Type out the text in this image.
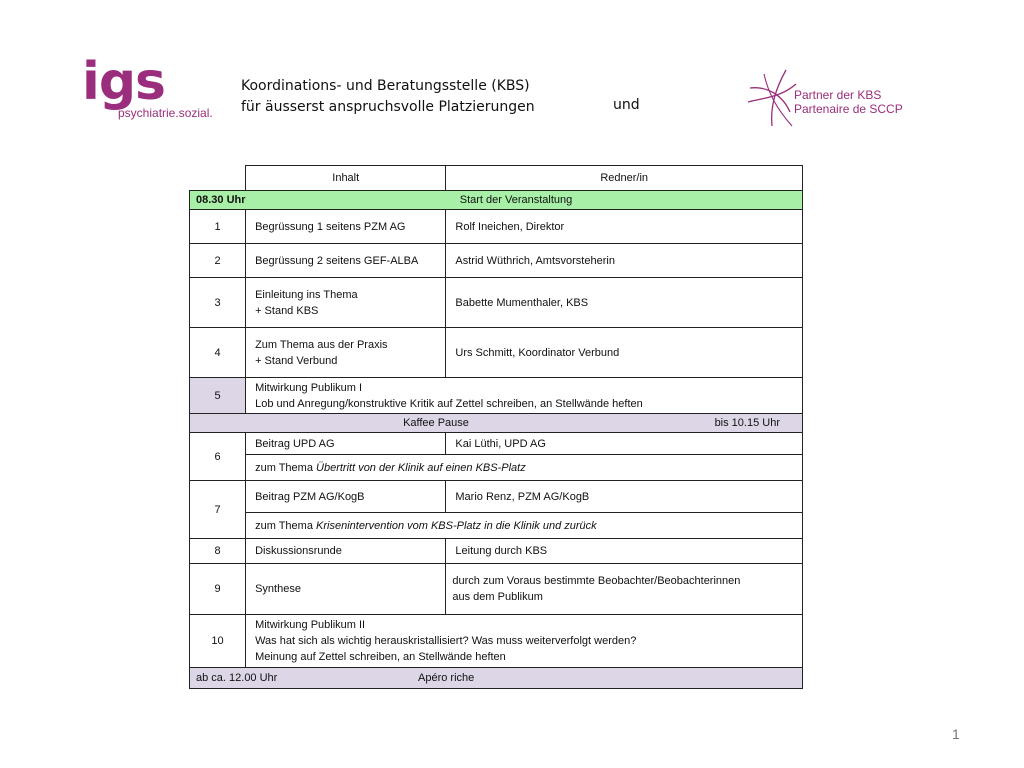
igs
psychiatrie.sozial.
Koordinations- und Beratungsstelle (KBS)
für äusserst anspruchsvolle Platzierungen	und
Partner der KBS
Partenaire de SCCP
	Inhalt	Redner/in

08.30 Uhr Start der Veranstaltung		

1	Begrüssung 1 seitens PZM AG	Rolf Ineichen, Direktor
2	Begrüssung 2 seitens GEF-ALBA	Astrid Wüthrich, Amtsvorsteherin
3	Einleitung ins Thema
+ Stand KBS	Babette Mumenthaler, KBS
4	Zum Thema aus der Praxis
+ Stand Verbund	Urs Schmitt, Koordinator Verbund
5	Mitwirkung Publikum I
Lob und Anregung/konstruktive Kritik auf Zettel schreiben, an Stellwände heften	

Kaffee Pause bis 10.15 Uhr		

6	Beitrag UPD AG	Kai Lüthi, UPD AG
	zum Thema Übertritt von der Klinik auf einen KBS-Platz	
7	Beitrag PZM AG/KogB	Mario Renz, PZM AG/KogB
	zum Thema Krisenintervention vom KBS-Platz in die Klinik und zurück	
8	Diskussionsrunde	Leitung durch KBS
9	Synthese	durch zum Voraus bestimmte Beobachter/Beobachterinnen
aus dem Publikum

10	Mitwirkung Publikum II
Was hat sich als wichtig herauskristallisiert? Was muss weiterverfolgt werden?
Meinung auf Zettel schreiben, an Stellwände heften	

ab ca. 12.00 Uhr Apéro riche		
1
